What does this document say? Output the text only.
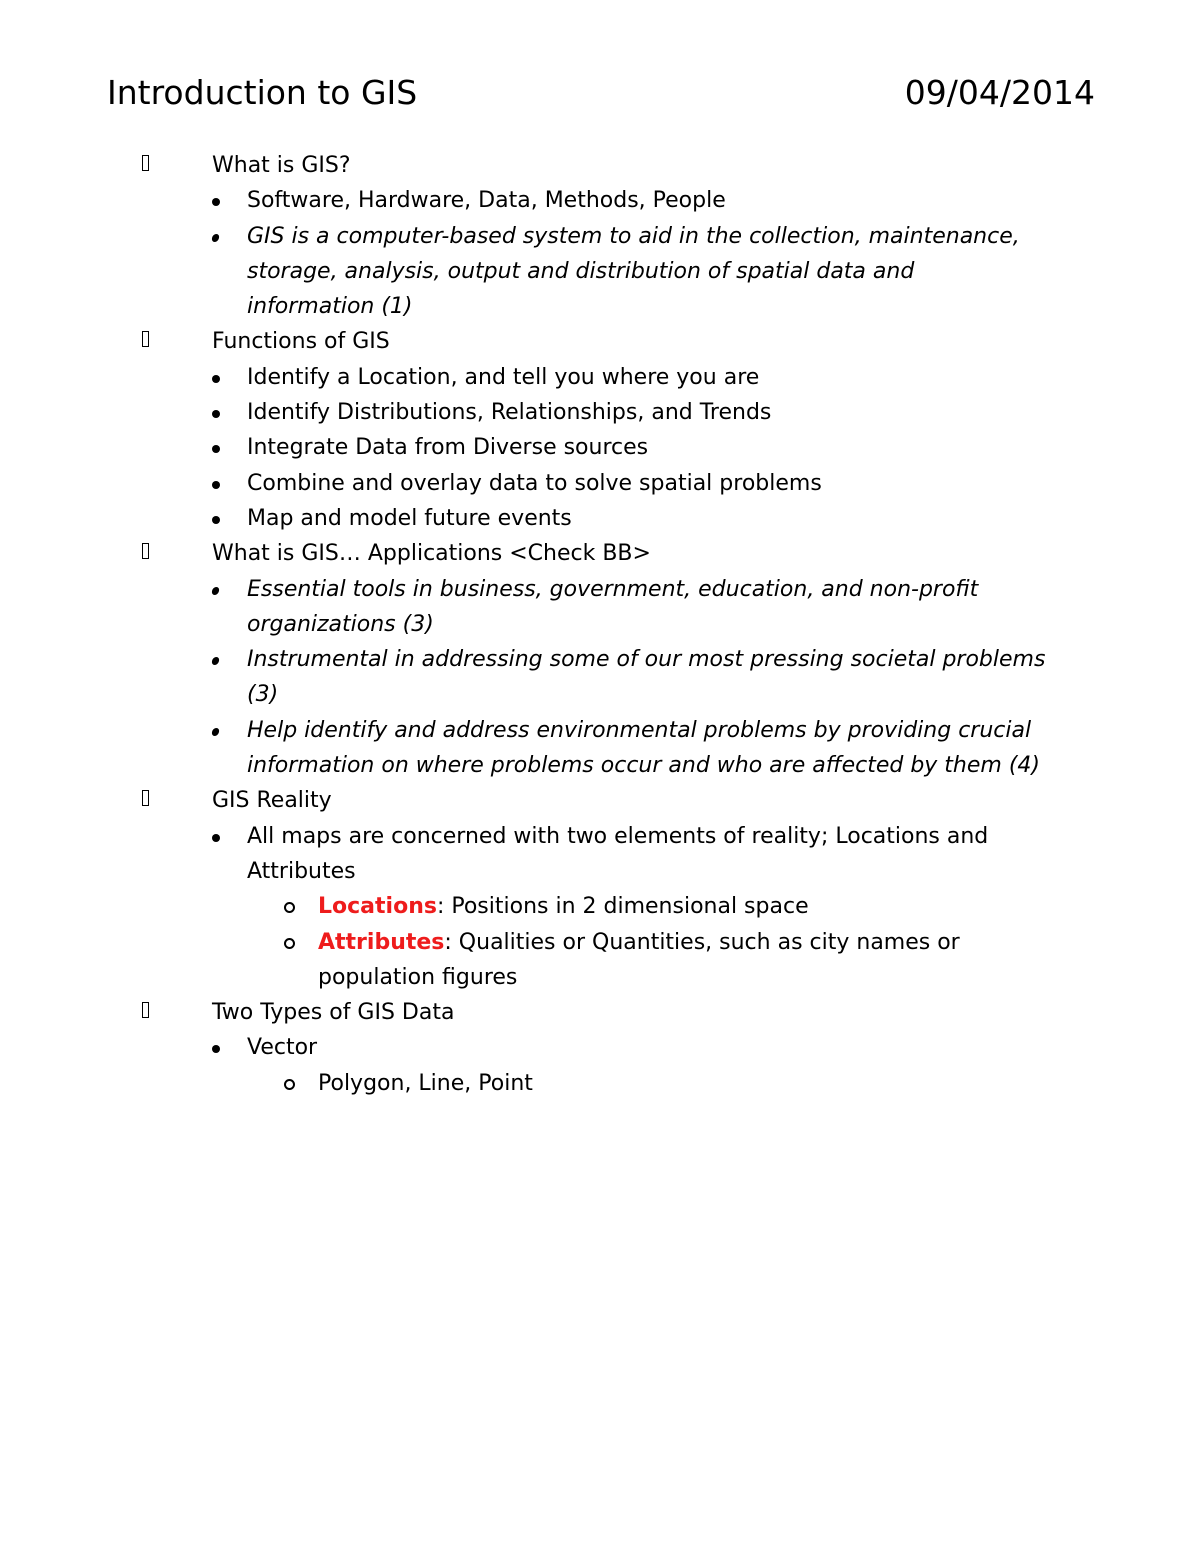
Introduction to GIS	09/04/2014
What is GIS?
Software, Hardware, Data, Methods, People
GIS is a computer-based system to aid in the collection, maintenance, storage, analysis, output and distribution of spatial data and information (1)
Functions of GIS
Identify a Location, and tell you where you are
Identify Distributions, Relationships, and Trends
Integrate Data from Diverse sources
Combine and overlay data to solve spatial problems
Map and model future events
What is GIS… Applications <Check BB>
Essential tools in business, government, education, and non-profit organizations (3)
Instrumental in addressing some of our most pressing societal problems (3)
Help identify and address environmental problems by providing crucial information on where problems occur and who are affected by them (4)
GIS Reality
All maps are concerned with two elements of reality; Locations and Attributes
Locations: Positions in 2 dimensional space
Attributes: Qualities or Quantities, such as city names or population figures
Two Types of GIS Data
Vector
Polygon, Line, Point
